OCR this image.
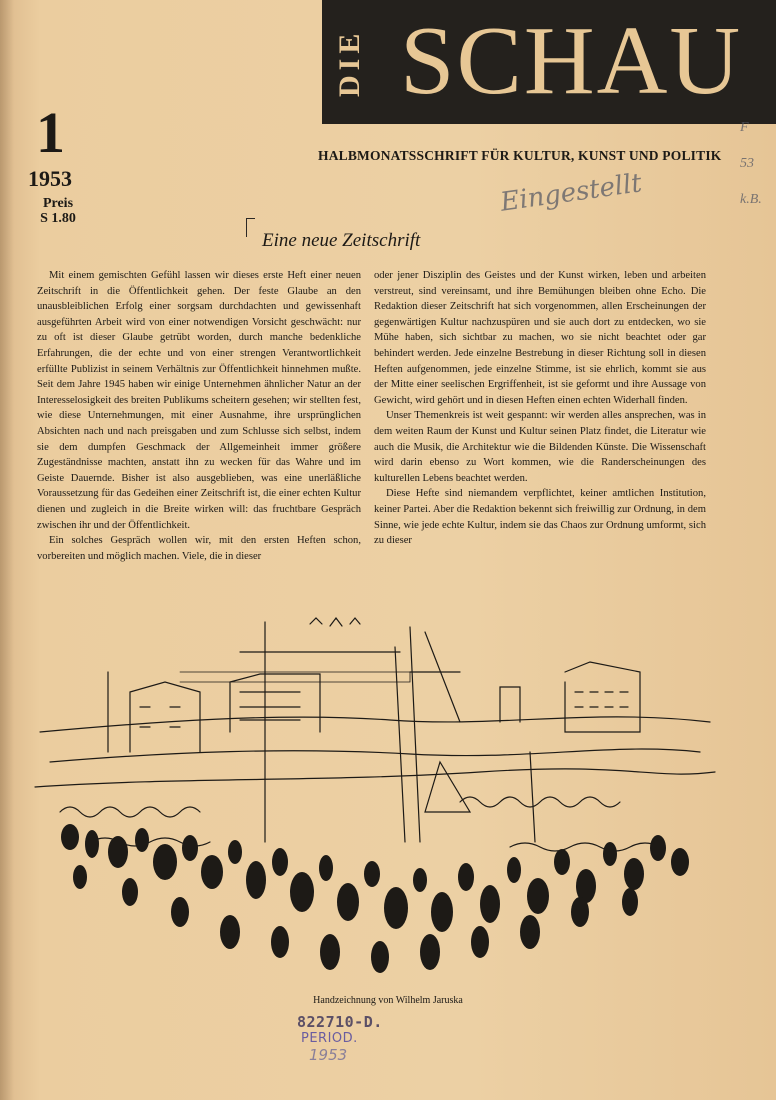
DIE SCHAU
1
1953
Preis
S 1.80
HALBMONATSSCHRIFT FÜR KULTUR, KUNST UND POLITIK
Eingestellt
F
53
k.B.
Eine neue Zeitschrift

Mit einem gemischten Gefühl lassen wir dieses erste Heft einer neuen Zeitschrift in die Öffentlichkeit gehen. Der feste Glaube an den unausbleiblichen Erfolg einer sorgsam durchdachten und gewissenhaft ausgeführten Arbeit wird von einer notwendigen Vorsicht geschwächt: nur zu oft ist dieser Glaube getrübt worden, durch manche bedenkliche Erfahrungen, die der echte und von einer strengen Verantwortlichkeit erfüllte Publizist in seinem Verhältnis zur Öffentlichkeit hinnehmen mußte. Seit dem Jahre 1945 haben wir einige Unternehmen ähnlicher Natur an der Interesselosigkeit des breiten Publikums scheitern gesehen; wir stellten fest, wie diese Unternehmungen, mit einer Ausnahme, ihre ursprünglichen Absichten nach und nach preisgaben und zum Schlusse sich selbst, indem sie dem dumpfen Geschmack der Allgemeinheit immer größere Zugeständnisse machten, anstatt ihn zu wecken für das Wahre und im Geiste Dauernde. Bisher ist also ausgeblieben, was eine unerläßliche Voraussetzung für das Gedeihen einer Zeitschrift ist, die einer echten Kultur dienen und zugleich in die Breite wirken will: das fruchtbare Gespräch zwischen ihr und der Öffentlichkeit.

Ein solches Gespräch wollen wir, mit den ersten Heften schon, vorbereiten und möglich machen. Viele, die in dieser

oder jener Disziplin des Geistes und der Kunst wirken, leben und arbeiten verstreut, sind vereinsamt, und ihre Bemühungen bleiben ohne Echo. Die Redaktion dieser Zeitschrift hat sich vorgenommen, allen Erscheinungen der gegenwärtigen Kultur nachzuspüren und sie auch dort zu entdecken, wo sie Mühe haben, sich sichtbar zu machen, wo sie nicht beachtet oder gar behindert werden. Jede einzelne Bestrebung in dieser Richtung soll in diesen Heften aufgenommen, jede einzelne Stimme, ist sie ehrlich, kommt sie aus der Mitte einer seelischen Ergriffenheit, ist sie geformt und ihre Aussage von Gewicht, wird gehört und in diesen Heften einen echten Widerhall finden.

Unser Themenkreis ist weit gespannt: wir werden alles ansprechen, was in dem weiten Raum der Kunst und Kultur seinen Platz findet, die Literatur wie auch die Musik, die Architektur wie die Bildenden Künste. Die Wissenschaft wird darin ebenso zu Wort kommen, wie die Randerscheinungen des kulturellen Lebens beachtet werden.

Diese Hefte sind niemandem verpflichtet, keiner amtlichen Institution, keiner Partei. Aber die Redaktion bekennt sich freiwillig zur Ordnung, in dem Sinne, wie jede echte Kultur, indem sie das Chaos zur Ordnung umformt, sich zu dieser

Handzeichnung von Wilhelm Jaruska
822710-D.
PERIOD.
1953
